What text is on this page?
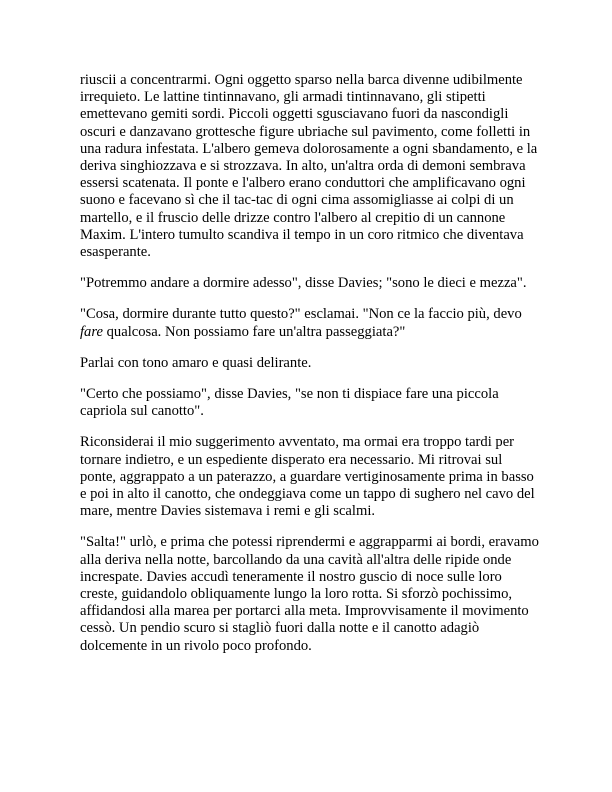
riuscii a concentrarmi. Ogni oggetto sparso nella barca divenne udibilmente irrequieto. Le lattine tintinnavano, gli armadi tintinnavano, gli stipetti emettevano gemiti sordi. Piccoli oggetti sgusciavano fuori da nascondigli oscuri e danzavano grottesche figure ubriache sul pavimento, come folletti in una radura infestata. L'albero gemeva dolorosamente a ogni sbandamento, e la deriva singhiozzava e si strozzava. In alto, un'altra orda di demoni sembrava essersi scatenata. Il ponte e l'albero erano conduttori che amplificavano ogni suono e facevano sì che il tac-tac di ogni cima assomigliasse ai colpi di un martello, e il fruscio delle drizze contro l'albero al crepitio di un cannone Maxim. L'intero tumulto scandiva il tempo in un coro ritmico che diventava esasperante.

"Potremmo andare a dormire adesso", disse Davies; "sono le dieci e mezza".

"Cosa, dormire durante tutto questo?" esclamai. "Non ce la faccio più, devo fare qualcosa. Non possiamo fare un'altra passeggiata?"

Parlai con tono amaro e quasi delirante.

"Certo che possiamo", disse Davies, "se non ti dispiace fare una piccola capriola sul canotto".

Riconsiderai il mio suggerimento avventato, ma ormai era troppo tardi per tornare indietro, e un espediente disperato era necessario. Mi ritrovai sul ponte, aggrappato a un paterazzo, a guardare vertiginosamente prima in basso e poi in alto il canotto, che ondeggiava come un tappo di sughero nel cavo del mare, mentre Davies sistemava i remi e gli scalmi.

"Salta!" urlò, e prima che potessi riprendermi e aggrapparmi ai bordi, eravamo alla deriva nella notte, barcollando da una cavità all'altra delle ripide onde increspate. Davies accudì teneramente il nostro guscio di noce sulle loro creste, guidandolo obliquamente lungo la loro rotta. Si sforzò pochissimo, affidandosi alla marea per portarci alla meta. Improvvisamente il movimento cessò. Un pendio scuro si stagliò fuori dalla notte e il canotto adagiò dolcemente in un rivolo poco profondo.
